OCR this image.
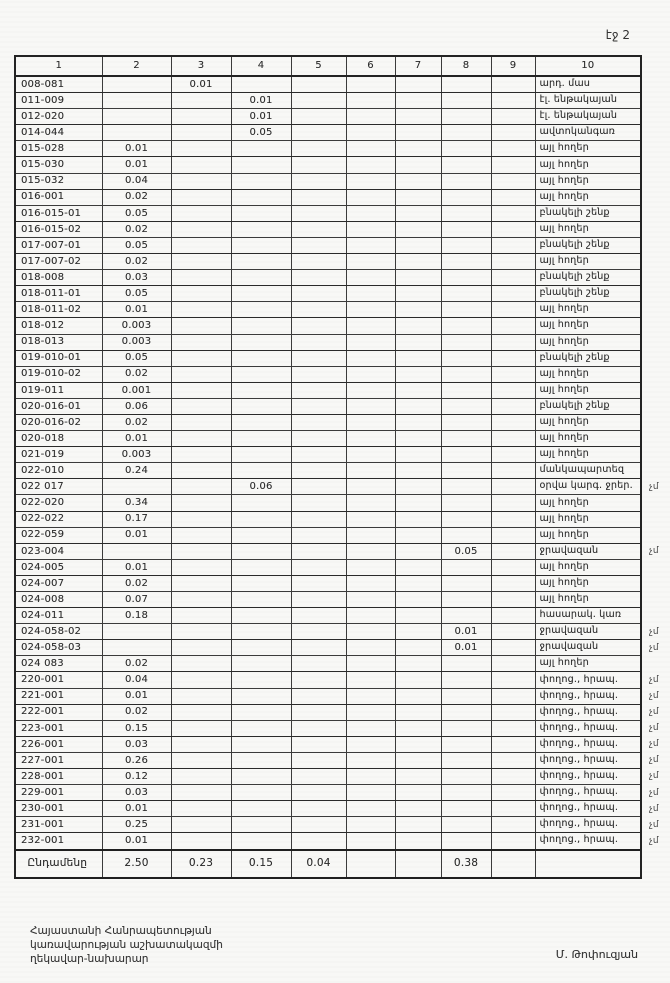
էջ 2
1	2	3	4	5	6	7	8	9	10	
008-081		0.01							արդ. մաս	
011-009			0.01						էլ. ենթակայան	
012-020			0.01						էլ. ենթակայան	
014-044			0.05						ավտոկանգառ	
015-028	0.01								այլ հողեր	
015-030	0.01								այլ հողեր	
015-032	0.04								այլ հողեր	
016-001	0.02								այլ հողեր	
016-015-01	0.05								բնակելի շենք	
016-015-02	0.02								այլ հողեր	
017-007-01	0.05								բնակելի շենք	
017-007-02	0.02								այլ հողեր	
018-008	0.03								բնակելի շենք	
018-011-01	0.05								բնակելի շենք	
018-011-02	0.01								այլ հողեր	
018-012	0.003								այլ հողեր	
018-013	0.003								այլ հողեր	
019-010-01	0.05								բնակելի շենք	
019-010-02	0.02								այլ հողեր	
019-011	0.001								այլ հողեր	
020-016-01	0.06								բնակելի շենք	
020-016-02	0.02								այլ հողեր	
020-018	0.01								այլ հողեր	
021-019	0.003								այլ հողեր	
022-010	0.24								մանկապարտեզ	
022 017			0.06						օրվա կարգ. ջրեր.	չմ
022-020	0.34								այլ հողեր	
022-022	0.17								այլ հողեր	
022-059	0.01								այլ հողեր	
023-004							0.05		ջրավազան	չմ
024-005	0.01								այլ հողեր	
024-007	0.02								այլ հողեր	
024-008	0.07								այլ հողեր	
024-011	0.18								հասարակ. կառ	
024-058-02							0.01		ջրավազան	չմ
024-058-03							0.01		ջրավազան	չմ
024 083	0.02								այլ հողեր	
220-001	0.04								փողոց., հրապ.	չմ
221-001	0.01								փողոց., հրապ.	չմ
222-001	0.02								փողոց., հրապ.	չմ
223-001	0.15								փողոց., հրապ.	չմ
226-001	0.03								փողոց., հրապ.	չմ
227-001	0.26								փողոց., հրապ.	չմ
228-001	0.12								փողոց., հրապ.	չմ
229-001	0.03								փողոց., հրապ.	չմ
230-001	0.01								փողոց., հրապ.	չմ
231-001	0.25								փողոց., հրապ.	չմ
232-001	0.01								փողոց., հրապ.	չմ
Ընդամենը	2.50	0.23	0.15	0.04			0.38			
Հայաստանի Հանրապետության
կառավարության աշխատակազմի
ղեկավար-նախարար	Մ. Թոփուզյան
